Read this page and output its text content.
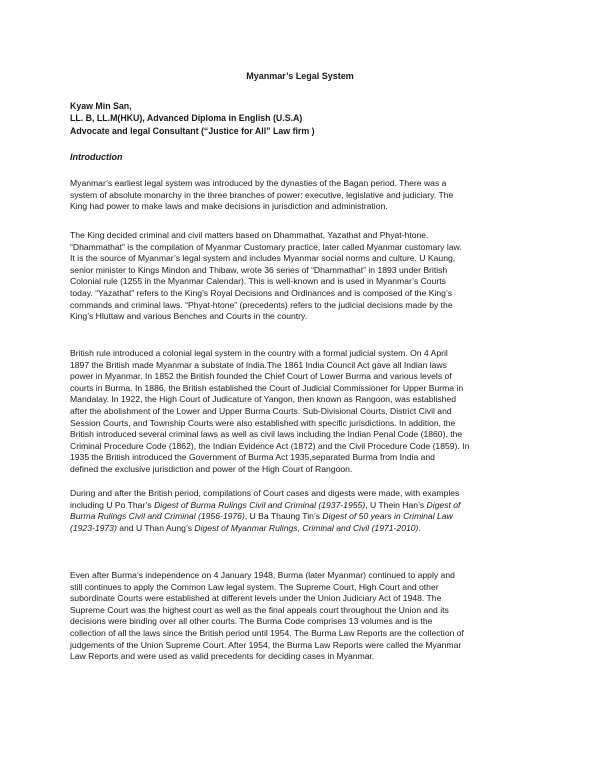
Myanmar’s Legal System
Kyaw Min San,
LL. B, LL.M(HKU), Advanced Diploma in English (U.S.A)
Advocate and legal Consultant (“Justice for All” Law firm )
Introduction
Myanmar’s earliest legal system was introduced by the dynasties of the Bagan period. There was a
system of absolute monarchy in the three branches of power: executive, legislative and judiciary. The
King had power to make laws and make decisions in jurisdiction and administration.
The King decided criminal and civil matters based on Dhammathat, Yazathat and Phyat-htone.
“Dhammathat” is the compilation of Myanmar Customary practice, later called Myanmar customary law.
It is the source of Myanmar’s legal system and includes Myanmar social norms and culture. U Kaung,
senior minister to Kings Mindon and Thibaw, wrote 36 series of “Dhammathat” in 1893 under British
Colonial rule (1255 in the Myanmar Calendar). This is well-known and is used in Myanmar’s Courts
today. “Yazathat” refers to the King’s Royal Decisions and Ordinances and is composed of the King’s
commands and criminal laws. “Phyat-htone” (precedents) refers to the judicial decisions made by the
King’s Hluttaw and various Benches and Courts in the country.
British rule introduced a colonial legal system in the country with a formal judicial system. On 4 April
1897 the British made Myanmar a substate of India.The 1861 India Council Act gave all Indian laws
power in Myanmar. In 1852 the British founded the Chief Court of Lower Burma and various levels of
courts in Burma. In 1886, the British established the Court of Judicial Commissioner for Upper Burma in
Mandalay. In 1922, the High Court of Judicature of Yangon, then known as Rangoon, was established
after the abolishment of the Lower and Upper Burma Courts. Sub-Divisional Courts, District Civil and
Session Courts, and Township Courts were also established with specific jurisdictions. In addition, the
British introduced several criminal laws as well as civil laws including the Indian Penal Code (1860), the
Criminal Procedure Code (1862), the Indian Evidence Act (1872) and the Civil Procedure Code (1859). In
1935 the British introduced the Government of Burma Act 1935,separated Burma from India and
defined the exclusive jurisdiction and power of the High Court of Rangoon.
During and after the British period, compilations of Court cases and digests were made, with examples
including U Po Thar’s Digest of Burma Rulings Civil and Criminal (1937-1955), U Thein Han’s Digest of
Burma Rulings Civil and Criminal (1956-1976), U Ba Thaung Tin’s Digest of 50 years in Criminal Law
(1923-1973) and U Than Aung’s Digest of Myanmar Rulings, Criminal and Civil (1971-2010).
Even after Burma’s independence on 4 January 1948, Burma (later Myanmar) continued to apply and
still continues to apply the Common Law legal system. The Supreme Court, High Court and other
subordinate Courts were established at different levels under the Union Judiciary Act of 1948. The
Supreme Court was the highest court as well as the final appeals court throughout the Union and its
decisions were binding over all other courts. The Burma Code comprises 13 volumes and is the
collection of all the laws since the British period until 1954. The Burma Law Reports are the collection of
judgements of the Union Supreme Court. After 1954, the Burma Law Reports were called the Myanmar
Law Reports and were used as valid precedents for deciding cases in Myanmar.
